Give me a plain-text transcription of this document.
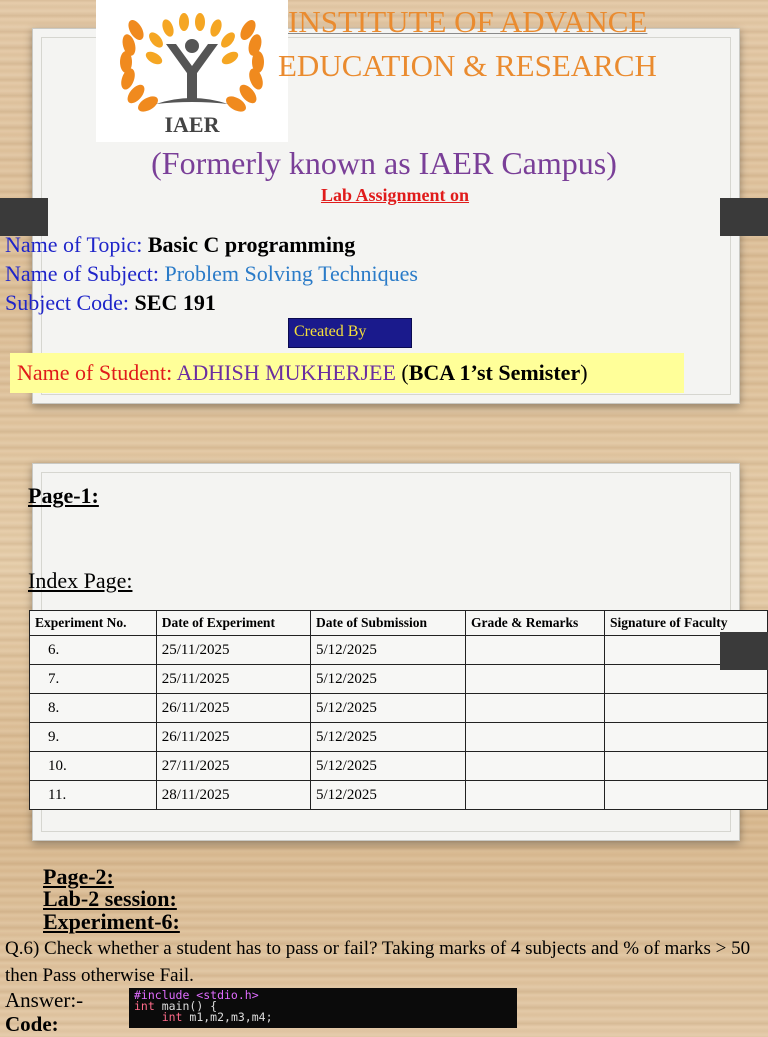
IAER
INSTITUTE OF ADVANCE
EDUCATION & RESEARCH
(Formerly known as IAER Campus)
Lab Assignment on
Name of Topic: Basic C programming
Name of Subject: Problem Solving Techniques
Subject Code: SEC 191
Created By
Name of Student: ADHISH MUKHERJEE (BCA 1’st Semister)
Page-1:
Index Page:
Experiment No.	Date of Experiment	Date of Submission	Grade & Remarks	Signature of Faculty
6.	25/11/2025	5/12/2025		
7.	25/11/2025	5/12/2025		
8.	26/11/2025	5/12/2025		
9.	26/11/2025	5/12/2025		
10.	27/11/2025	5/12/2025		
11.	28/11/2025	5/12/2025		
Page-2:
Lab-2 session:
Experiment-6:
Q.6) Check whether a student has to pass or fail? Taking marks of 4 subjects and % of marks > 50 then Pass otherwise Fail.
Answer:-
Code:
#include <stdio.h>
int main() {
int m1,m2,m3,m4;
